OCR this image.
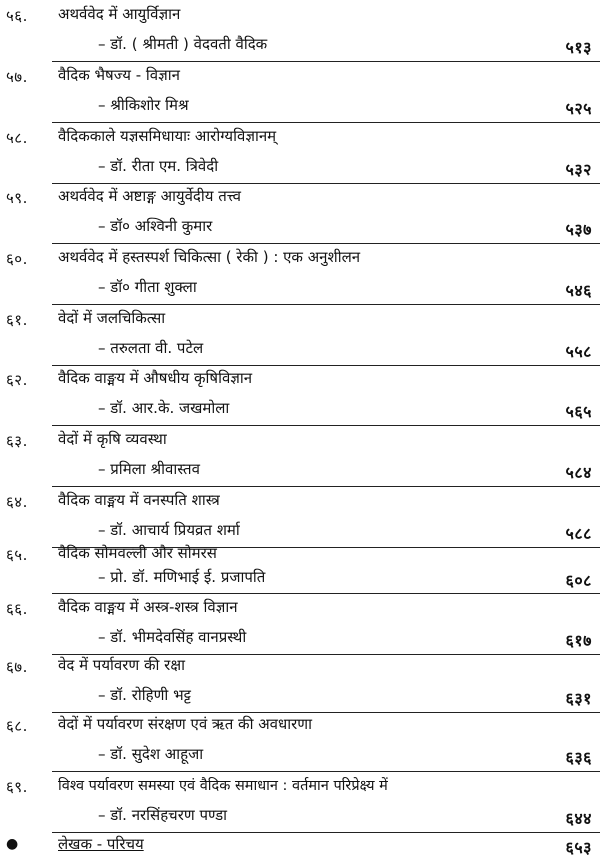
५६. अथर्ववेद में आयुर्विज्ञान
– डॉ. ( श्रीमती ) वेदवती वैदिक	५१३
५७. वैदिक भैषज्य - विज्ञान
– श्रीकिशोर मिश्र	५२५
५८. वैदिककाले यज्ञसमिधायाः आरोग्यविज्ञानम्
– डॉ. रीता एम. त्रिवेदी	५३२
५९. अथर्ववेद में अष्टाङ्ग आयुर्वेदीय तत्त्व
– डॉ० अश्विनी कुमार	५३७
६०. अथर्ववेद में हस्तस्पर्श चिकित्सा ( रेकी ) : एक अनुशीलन
– डॉ० गीता शुक्ला	५४६
६१. वेदों में जलचिकित्सा
– तरुलता वी. पटेल	५५८
६२. वैदिक वाङ्मय में औषधीय कृषिविज्ञान
– डॉ. आर.के. जखमोला	५६५
६३. वेदों में कृषि व्यवस्था
– प्रमिला श्रीवास्तव	५८४
६४. वैदिक वाङ्मय में वनस्पति शास्त्र
– डॉ. आचार्य प्रियव्रत शर्मा	५८८
६५. वैदिक सोमवल्ली और सोमरस
– प्रो. डॉ. मणिभाई ई. प्रजापति	६०८
६६. वैदिक वाङ्मय में अस्त्र-शस्त्र विज्ञान
– डॉ. भीमदेवसिंह वानप्रस्थी	६१७
६७. वेद में पर्यावरण की रक्षा
– डॉ. रोहिणी भट्ट	६३१
६८. वेदों में पर्यावरण संरक्षण एवं ऋत की अवधारणा
– डॉ. सुदेश आहूजा	६३६
६९. विश्व पर्यावरण समस्या एवं वैदिक समाधान : वर्तमान परिप्रेक्ष्य में
– डॉ. नरसिंहचरण पण्डा	६४४
●	लेखक - परिचय	६५३
